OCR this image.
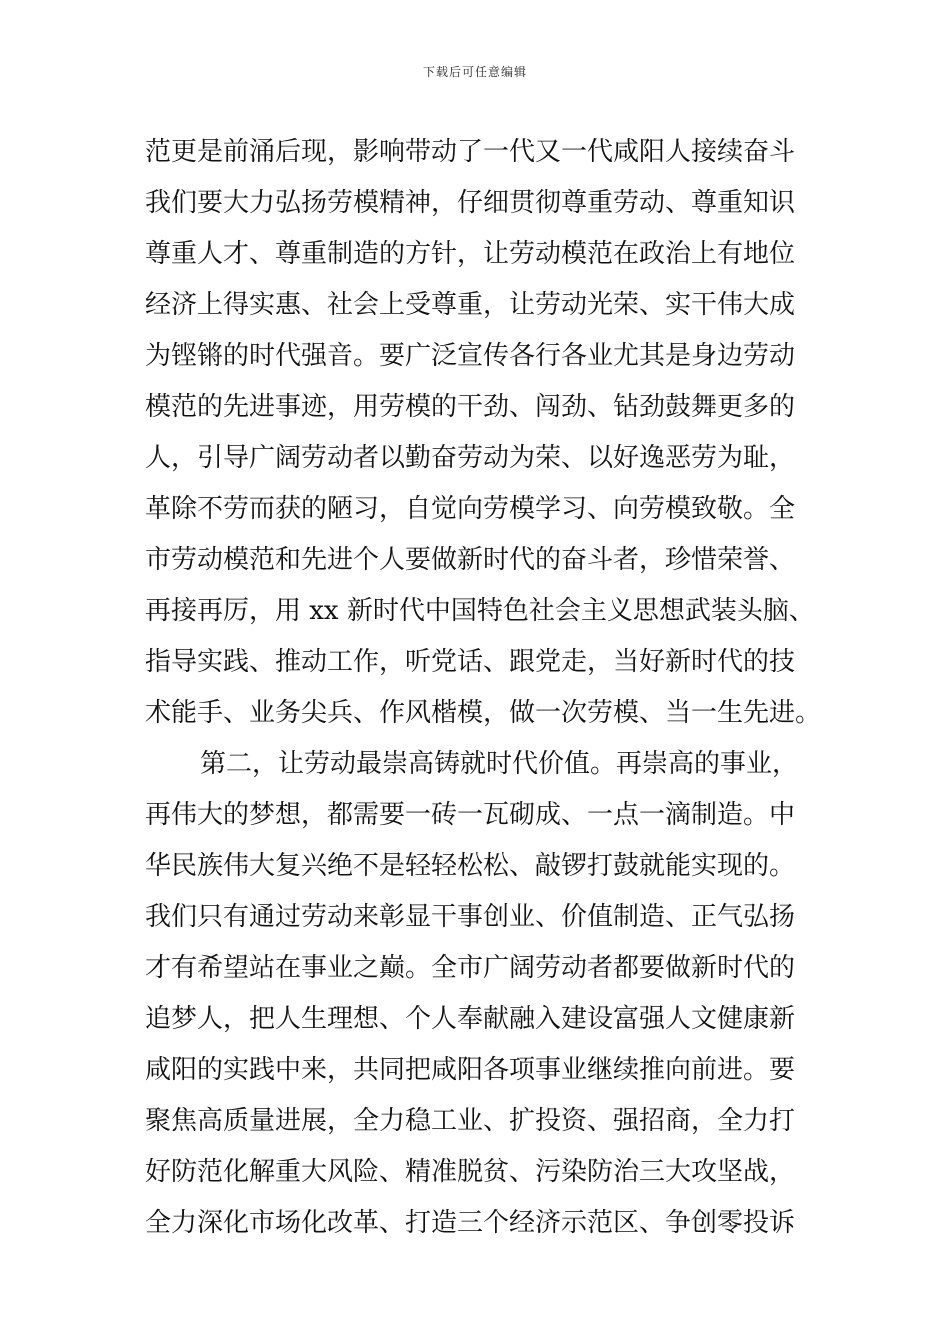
下载后可任意编辑
范更是前涌后现，影响带动了一代又一代咸阳人接续奋斗
我们要大力弘扬劳模精神，仔细贯彻尊重劳动、尊重知识
尊重人才、尊重制造的方针，让劳动模范在政治上有地位
经济上得实惠、社会上受尊重，让劳动光荣、实干伟大成
为铿锵的时代强音。要广泛宣传各行各业尤其是身边劳动
模范的先进事迹，用劳模的干劲、闯劲、钻劲鼓舞更多的
人，引导广阔劳动者以勤奋劳动为荣、以好逸恶劳为耻，
革除不劳而获的陋习，自觉向劳模学习、向劳模致敬。全
市劳动模范和先进个人要做新时代的奋斗者，珍惜荣誉、
再接再厉，用 xx 新时代中国特色社会主义思想武装头脑、
指导实践、推动工作，听党话、跟党走，当好新时代的技
术能手、业务尖兵、作风楷模，做一次劳模、当一生先进。
第二，让劳动最崇高铸就时代价值。再崇高的事业，
再伟大的梦想，都需要一砖一瓦砌成、一点一滴制造。中
华民族伟大复兴绝不是轻轻松松、敲锣打鼓就能实现的。
我们只有通过劳动来彰显干事创业、价值制造、正气弘扬
才有希望站在事业之巅。全市广阔劳动者都要做新时代的
追梦人，把人生理想、个人奉献融入建设富强人文健康新
咸阳的实践中来，共同把咸阳各项事业继续推向前进。要
聚焦高质量进展，全力稳工业、扩投资、强招商，全力打
好防范化解重大风险、精准脱贫、污染防治三大攻坚战，
全力深化市场化改革、打造三个经济示范区、争创零投诉
